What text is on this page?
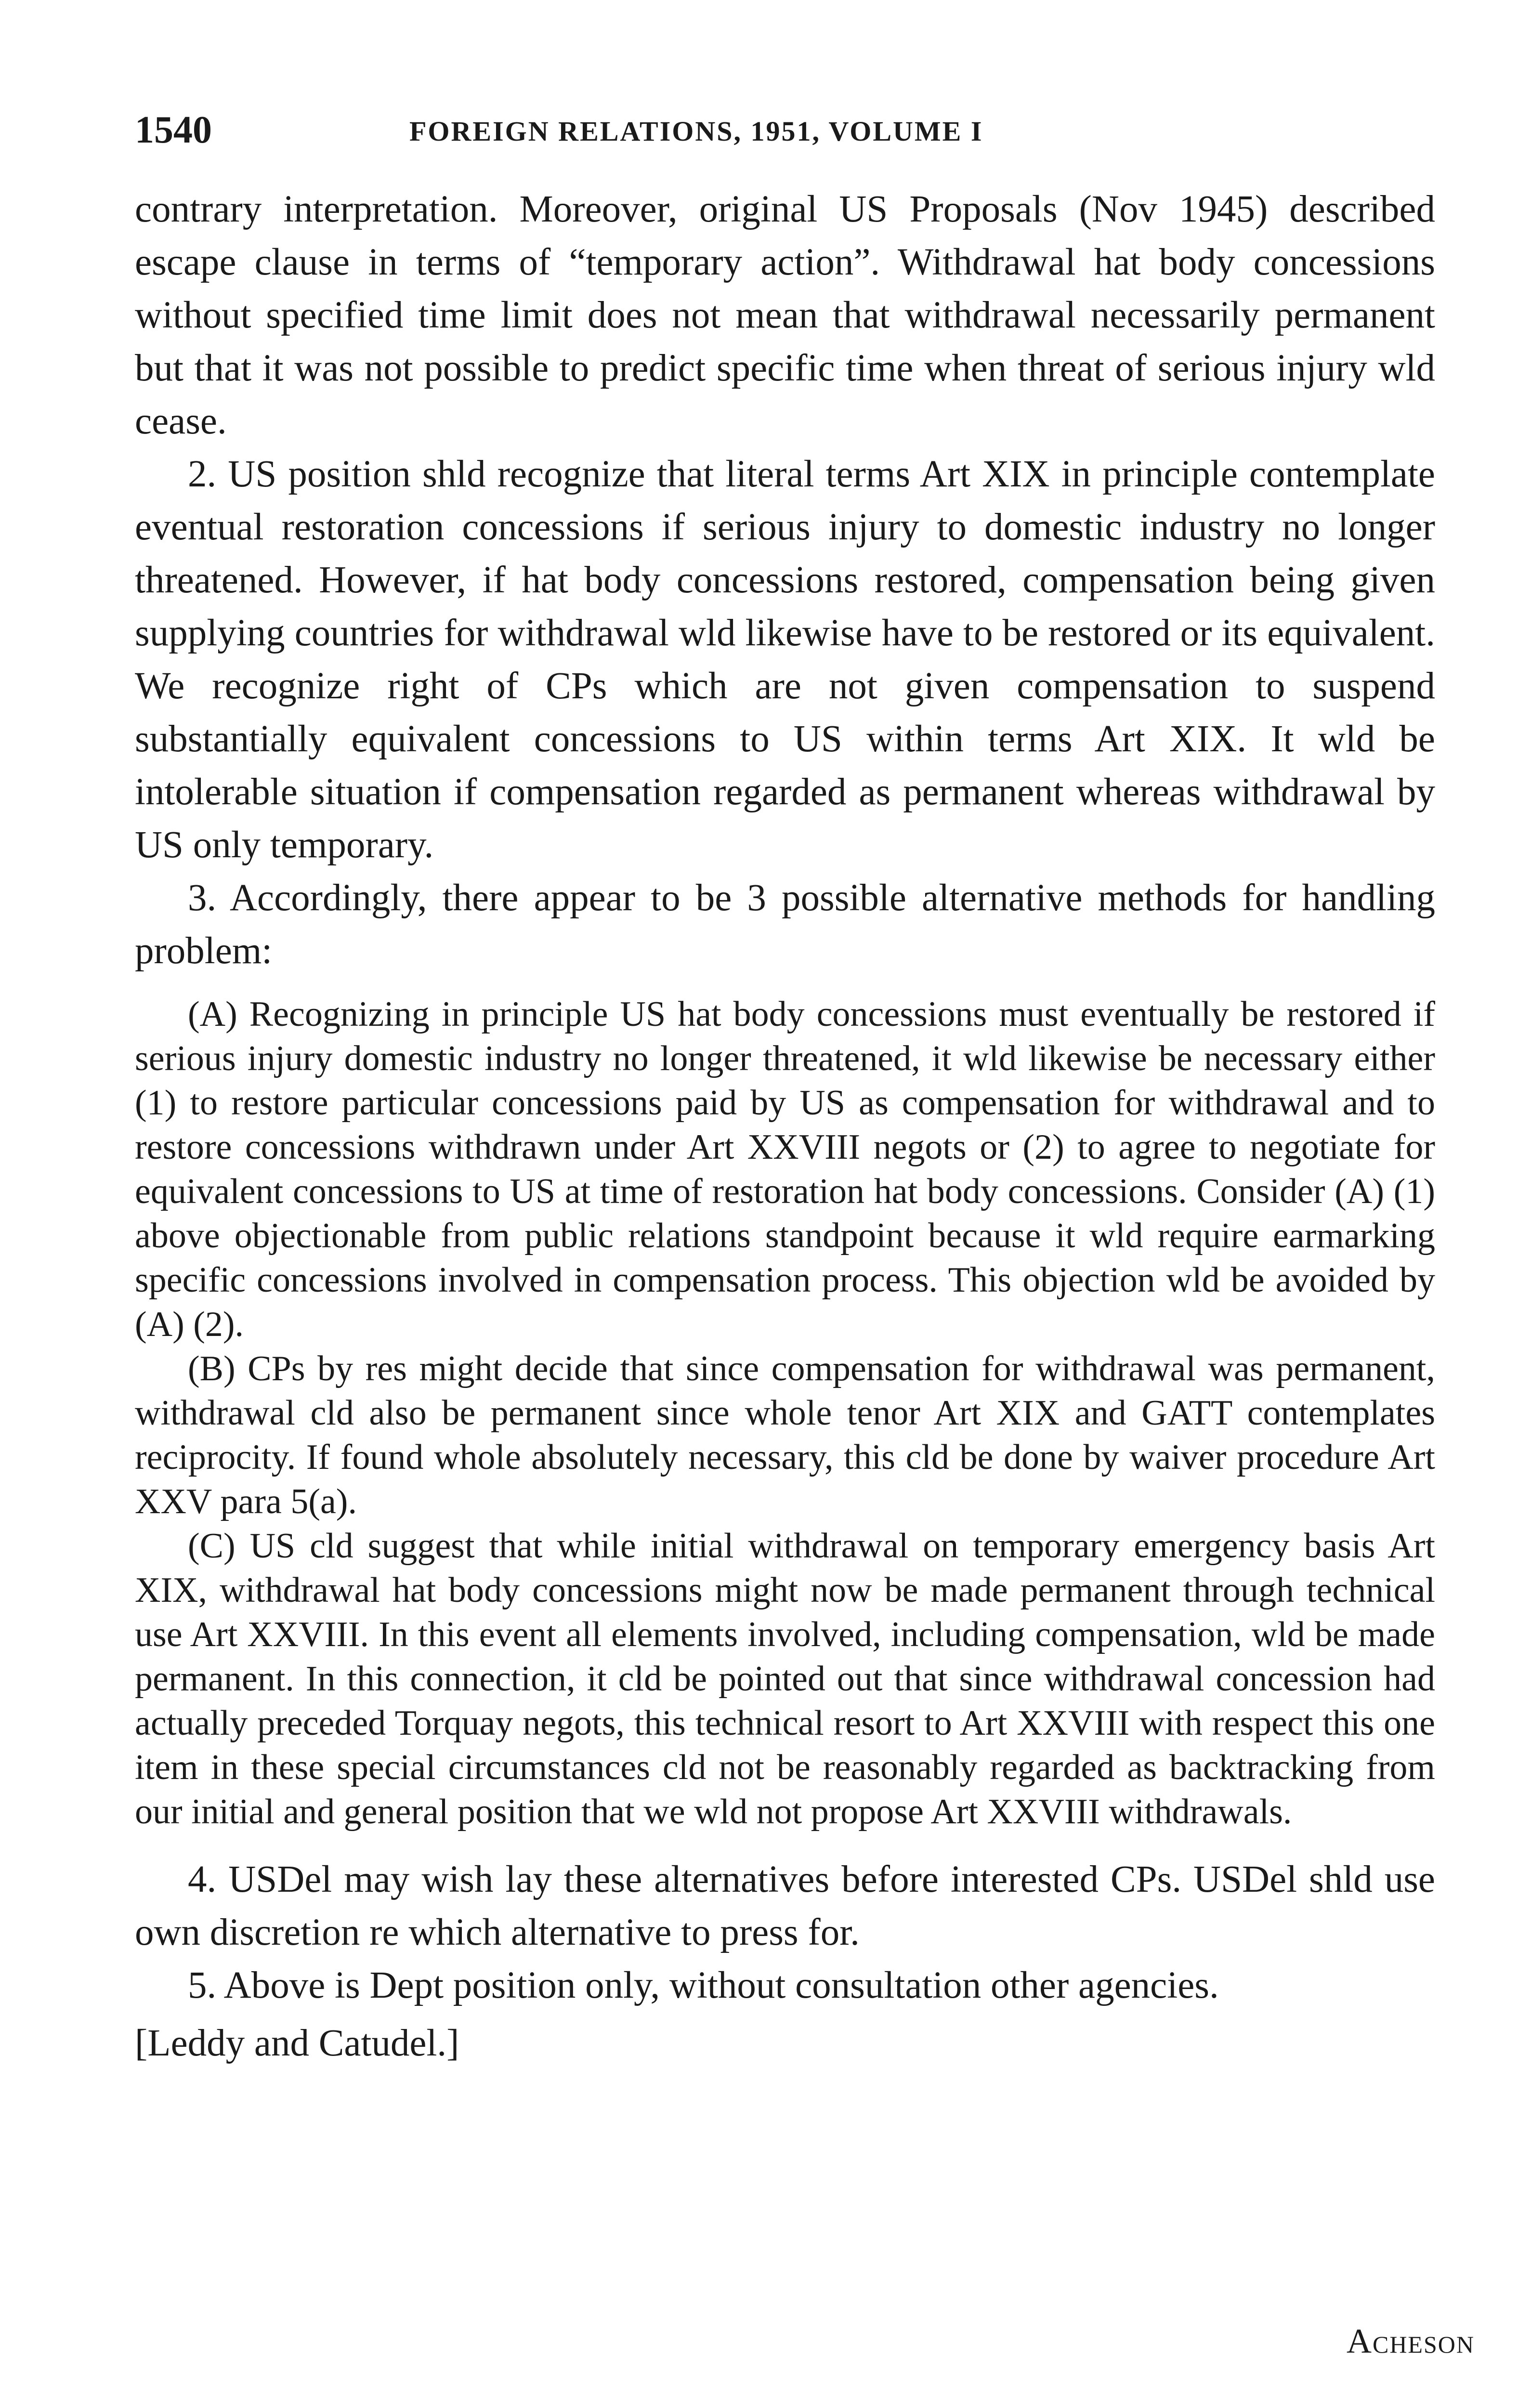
1540	FOREIGN RELATIONS, 1951, VOLUME I

contrary interpretation. Moreover, original US Proposals (Nov 1945) described escape clause in terms of “temporary action”. Withdrawal hat body concessions without specified time limit does not mean that withdrawal necessarily permanent but that it was not possible to predict specific time when threat of serious injury wld cease.

2. US position shld recognize that literal terms Art XIX in principle contemplate eventual restoration concessions if serious injury to domestic industry no longer threatened. However, if hat body concessions restored, compensation being given supplying countries for withdrawal wld likewise have to be restored or its equivalent. We recognize right of CPs which are not given compensation to suspend substantially equivalent concessions to US within terms Art XIX. It wld be intolerable situation if compensation regarded as permanent whereas withdrawal by US only temporary.

3. Accordingly, there appear to be 3 possible alternative methods for handling problem:

(A) Recognizing in principle US hat body concessions must eventually be restored if serious injury domestic industry no longer threatened, it wld likewise be necessary either (1) to restore particular concessions paid by US as compensation for withdrawal and to restore concessions withdrawn under Art XXVIII negots or (2) to agree to negotiate for equivalent concessions to US at time of restoration hat body concessions. Consider (A) (1) above objectionable from public relations standpoint because it wld require earmarking specific concessions involved in compensation process. This objection wld be avoided by (A) (2).

(B) CPs by res might decide that since compensation for withdrawal was permanent, withdrawal cld also be permanent since whole tenor Art XIX and GATT contemplates reciprocity. If found whole absolutely necessary, this cld be done by waiver procedure Art XXV para 5(a).

(C) US cld suggest that while initial withdrawal on temporary emergency basis Art XIX, withdrawal hat body concessions might now be made permanent through technical use Art XXVIII. In this event all elements involved, including compensation, wld be made permanent. In this connection, it cld be pointed out that since withdrawal concession had actually preceded Torquay negots, this technical resort to Art XXVIII with respect this one item in these special circumstances cld not be reasonably regarded as backtracking from our initial and general position that we wld not propose Art XXVIII withdrawals.

4. USDel may wish lay these alternatives before interested CPs. USDel shld use own discretion re which alternative to press for.

5. Above is Dept position only, without consultation other agencies.

[Leddy and Catudel.]
Acheson
